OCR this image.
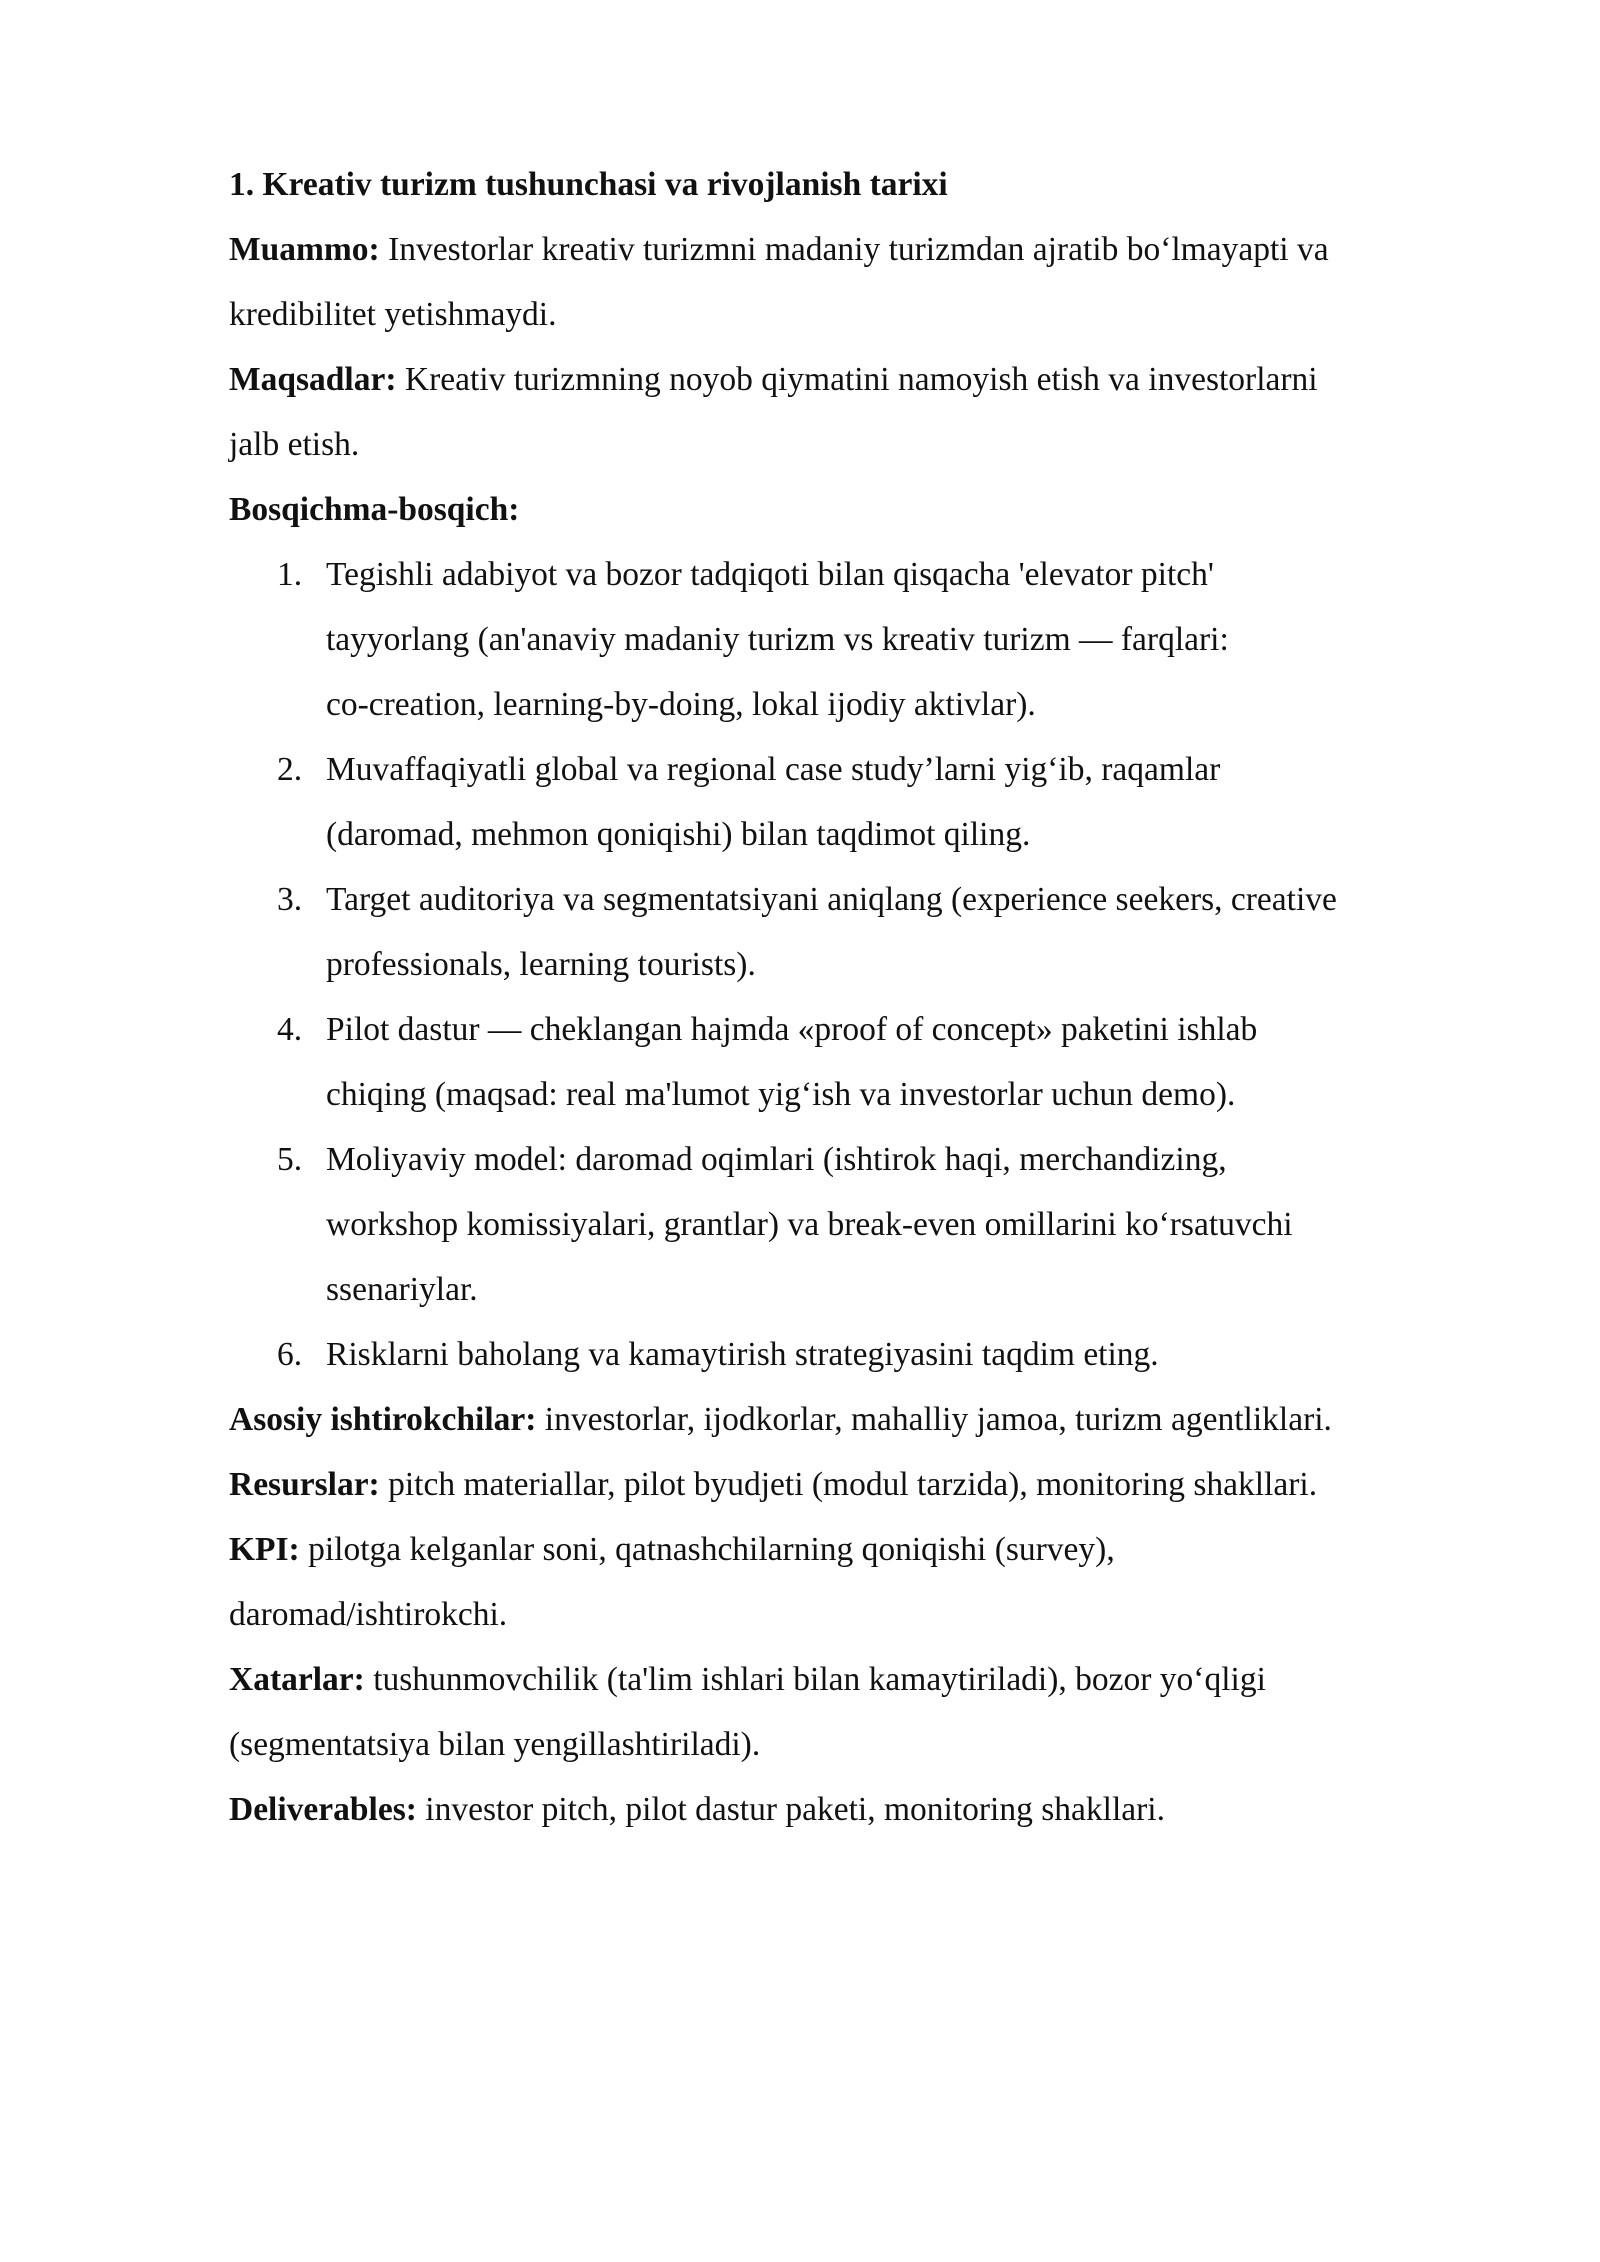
1. Kreativ turizm tushunchasi va rivojlanish tarixi
Muammo: Investorlar kreativ turizmni madaniy turizmdan ajratib bo‘lmayapti va
kredibilitet yetishmaydi.
Maqsadlar: Kreativ turizmning noyob qiymatini namoyish etish va investorlarni
jalb etish.
Bosqichma-bosqich:
1. Tegishli adabiyot va bozor tadqiqoti bilan qisqacha 'elevator pitch'
tayyorlang (an'anaviy madaniy turizm vs kreativ turizm — farqlari:
co-creation, learning-by-doing, lokal ijodiy aktivlar).
2. Muvaffaqiyatli global va regional case study’larni yig‘ib, raqamlar
(daromad, mehmon qoniqishi) bilan taqdimot qiling.
3. Target auditoriya va segmentatsiyani aniqlang (experience seekers, creative
professionals, learning tourists).
4. Pilot dastur — cheklangan hajmda «proof of concept» paketini ishlab
chiqing (maqsad: real ma'lumot yig‘ish va investorlar uchun demo).
5. Moliyaviy model: daromad oqimlari (ishtirok haqi, merchandizing,
workshop komissiyalari, grantlar) va break-even omillarini ko‘rsatuvchi
ssenariylar.
6. Risklarni baholang va kamaytirish strategiyasini taqdim eting.
Asosiy ishtirokchilar: investorlar, ijodkorlar, mahalliy jamoa, turizm agentliklari.
Resurslar: pitch materiallar, pilot byudjeti (modul tarzida), monitoring shakllari.
KPI: pilotga kelganlar soni, qatnashchilarning qoniqishi (survey),
daromad/ishtirokchi.
Xatarlar: tushunmovchilik (ta'lim ishlari bilan kamaytiriladi), bozor yo‘qligi
(segmentatsiya bilan yengillashtiriladi).
Deliverables: investor pitch, pilot dastur paketi, monitoring shakllari.
